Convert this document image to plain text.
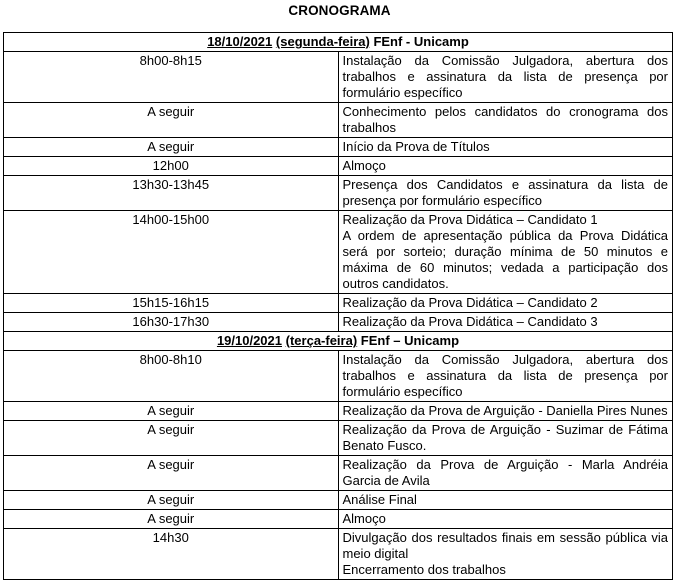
CRONOGRAMA
18/10/2021 (segunda-feira) FEnf - Unicamp	
8h00-8h15	Instalação da Comissão Julgadora, abertura dos trabalhos e assinatura da lista de presença por formulário específico

A seguir	Conhecimento pelos candidatos do cronograma dos trabalhos

A seguir	Início da Prova de Títulos

12h00	Almoço

13h30-13h45	Presença dos Candidatos e assinatura da lista de presença por formulário específico

14h00-15h00	Realização da Prova Didática – Candidato 1
A ordem de apresentação pública da Prova Didática será por sorteio; duração mínima de 50 minutos e máxima de 60 minutos; vedada a participação dos outros candidatos.

15h15-16h15	Realização da Prova Didática – Candidato 2

16h30-17h30	Realização da Prova Didática – Candidato 3

19/10/2021 (terça-feira) FEnf – Unicamp	
8h00-8h10	Instalação da Comissão Julgadora, abertura dos trabalhos e assinatura da lista de presença por formulário específico

A seguir	Realização da Prova de Arguição - Daniella Pires Nunes

A seguir	Realização da Prova de Arguição - Suzimar de Fátima Benato Fusco.

A seguir	Realização da Prova de Arguição - Marla Andréia Garcia de Avila

A seguir	Análise Final

A seguir	Almoço

14h30	Divulgação dos resultados finais em sessão pública via meio digital
Encerramento dos trabalhos
